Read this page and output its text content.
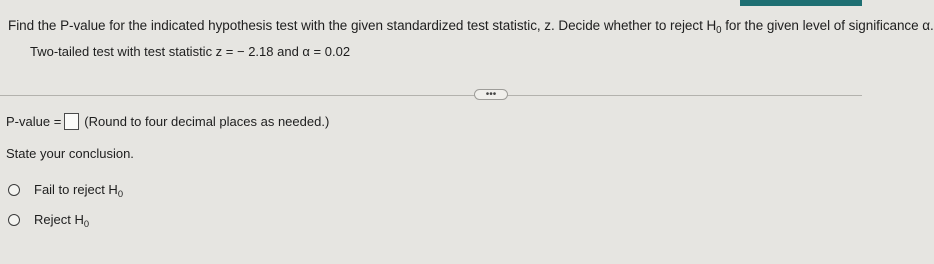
Find the P-value for the indicated hypothesis test with the given standardized test statistic, z. Decide whether to reject $H_0$ for the given level of significance α.
Two-tailed test with test statistic z = − 2.18 and α = 0.02
•••
P-value = (Round to four decimal places as needed.)
State your conclusion.
Fail to reject $H_0$
Reject $H_0$
